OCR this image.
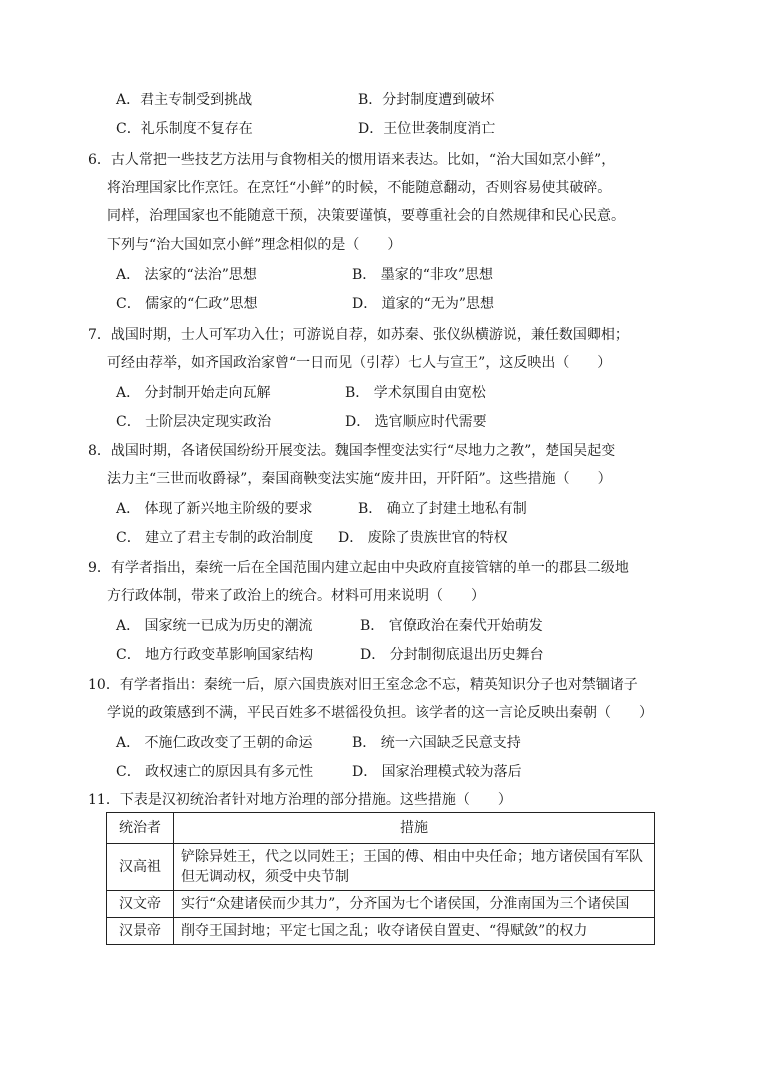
A．君主专制受到挑战	B．分封制度遭到破坏
C．礼乐制度不复存在	D．王位世袭制度消亡
6．古人常把一些技艺方法用与食物相关的惯用语来表达。比如，“治大国如烹小鲜”，
将治理国家比作烹饪。在烹饪“小鲜”的时候，不能随意翻动，否则容易使其破碎。
同样，治理国家也不能随意干预，决策要谨慎，要尊重社会的自然规律和民心民意。
下列与“治大国如烹小鲜”理念相似的是（　　）
A． 法家的“法治”思想	B． 墨家的“非攻”思想
C． 儒家的“仁政”思想	D． 道家的“无为”思想
7．战国时期，士人可军功入仕；可游说自荐，如苏秦、张仪纵横游说，兼任数国卿相；
可经由荐举，如齐国政治家曾“一日而见（引荐）七人与宣王”，这反映出（　　）
A． 分封制开始走向瓦解	B． 学术氛围自由宽松
C． 士阶层决定现实政治	D． 选官顺应时代需要
8．战国时期，各诸侯国纷纷开展变法。魏国李悝变法实行“尽地力之教”，楚国吴起变
法力主“三世而收爵禄”，秦国商鞅变法实施“废井田，开阡陌”。这些措施（　　）
A． 体现了新兴地主阶级的要求	B． 确立了封建土地私有制
C． 建立了君主专制的政治制度 D． 废除了贵族世官的特权
9．有学者指出，秦统一后在全国范围内建立起由中央政府直接管辖的单一的郡县二级地
方行政体制，带来了政治上的统合。材料可用来说明（　　）
A． 国家统一已成为历史的潮流	B． 官僚政治在秦代开始萌发
C． 地方行政变革影响国家结构	D． 分封制彻底退出历史舞台
10．有学者指出：秦统一后，原六国贵族对旧王室念念不忘，精英知识分子也对禁锢诸子
学说的政策感到不满，平民百姓多不堪徭役负担。该学者的这一言论反映出秦朝（　　）
A． 不施仁政改变了王朝的命运	B． 统一六国缺乏民意支持
C． 政权速亡的原因具有多元性	D． 国家治理模式较为落后
11．下表是汉初统治者针对地方治理的部分措施。这些措施（　　）
统治者	措施
汉高祖	铲除异姓王，代之以同姓王；王国的傅、相由中央任命；地方诸侯国有军队但无调动权，须受中央节制
汉文帝	实行“众建诸侯而少其力”，分齐国为七个诸侯国，分淮南国为三个诸侯国
汉景帝	削夺王国封地；平定七国之乱；收夺诸侯自置吏、“得赋敛”的权力
